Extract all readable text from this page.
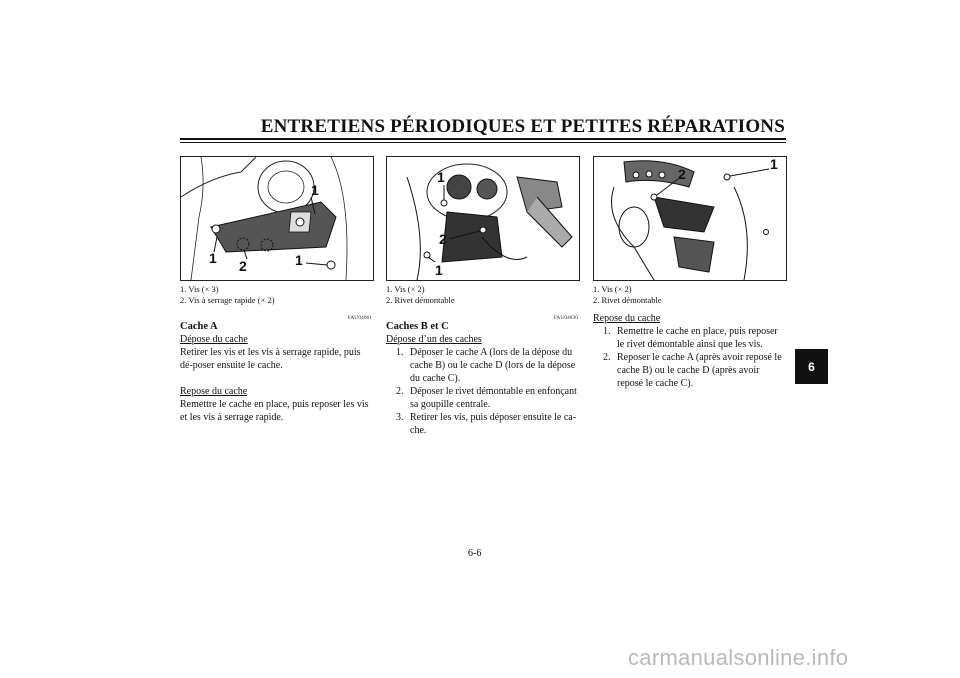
ENTRETIENS PÉRIODIQUES ET PETITES RÉPARATIONS
1
1	1
2
1. Vis (× 3)
2. Vis à serrage rapide (× 2)
1
2
1
1. Vis (× 2)
2. Rivet démontable
1
2
1. Vis (× 2)
2. Rivet démontable
FAU04061
Cache A
Dépose du cache
Retirer les vis et les vis à serrage rapide, puis dé-poser ensuite le cache.
Repose du cache
Remettre le cache en place, puis reposer les vis et les vis à serrage rapide.
FAU04830
Caches B et C
Dépose d’un des caches
1. Déposer le cache A (lors de la dépose du cache B) ou le cache D (lors de la dépose du cache C).
2. Déposer le rivet démontable en enfonçant sa goupille centrale.
3. Retirer les vis, puis déposer ensuite le ca-che.
Repose du cache
1. Remettre le cache en place, puis reposer le rivet démontable ainsi que les vis.
2. Reposer le cache A (après avoir reposé le cache B) ou le cache D (après avoir reposé le cache C).
6
6-6
carmanualsonline.info
